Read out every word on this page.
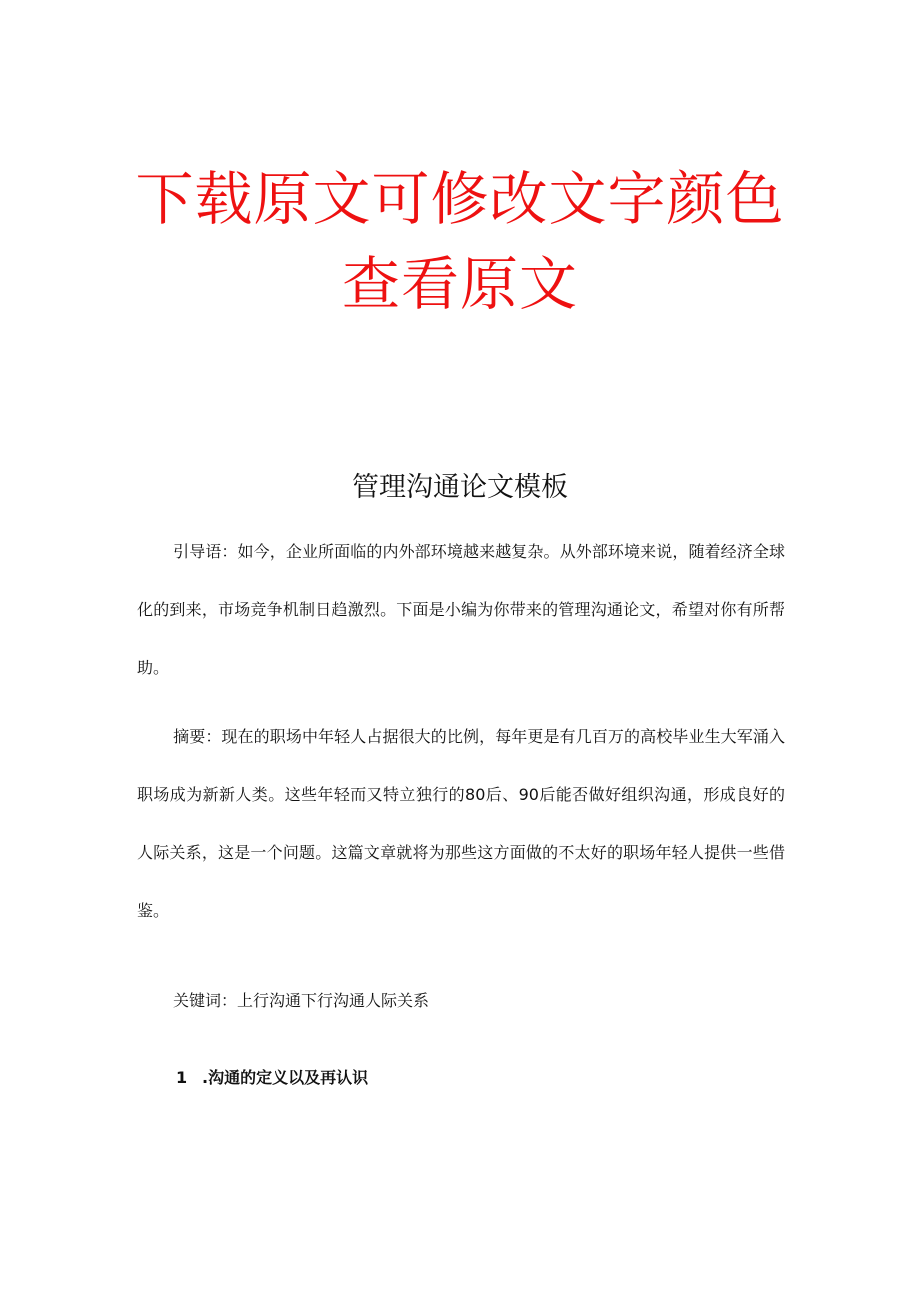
下载原文可修改文字颜色
查看原文
管理沟通论文模板

引导语：如今，企业所面临的内外部环境越来越复杂。从外部环境来说，随着经济全球化的到来，市场竞争机制日趋激烈。下面是小编为你带来的管理沟通论文，希望对你有所帮助。

摘要：现在的职场中年轻人占据很大的比例，每年更是有几百万的高校毕业生大军涌入职场成为新新人类。这些年轻而又特立独行的80后、90后能否做好组织沟通，形成良好的人际关系，这是一个问题。这篇文章就将为那些这方面做的不太好的职场年轻人提供一些借鉴。

关键词：上行沟通下行沟通人际关系
1 .沟通的定义以及再认识
